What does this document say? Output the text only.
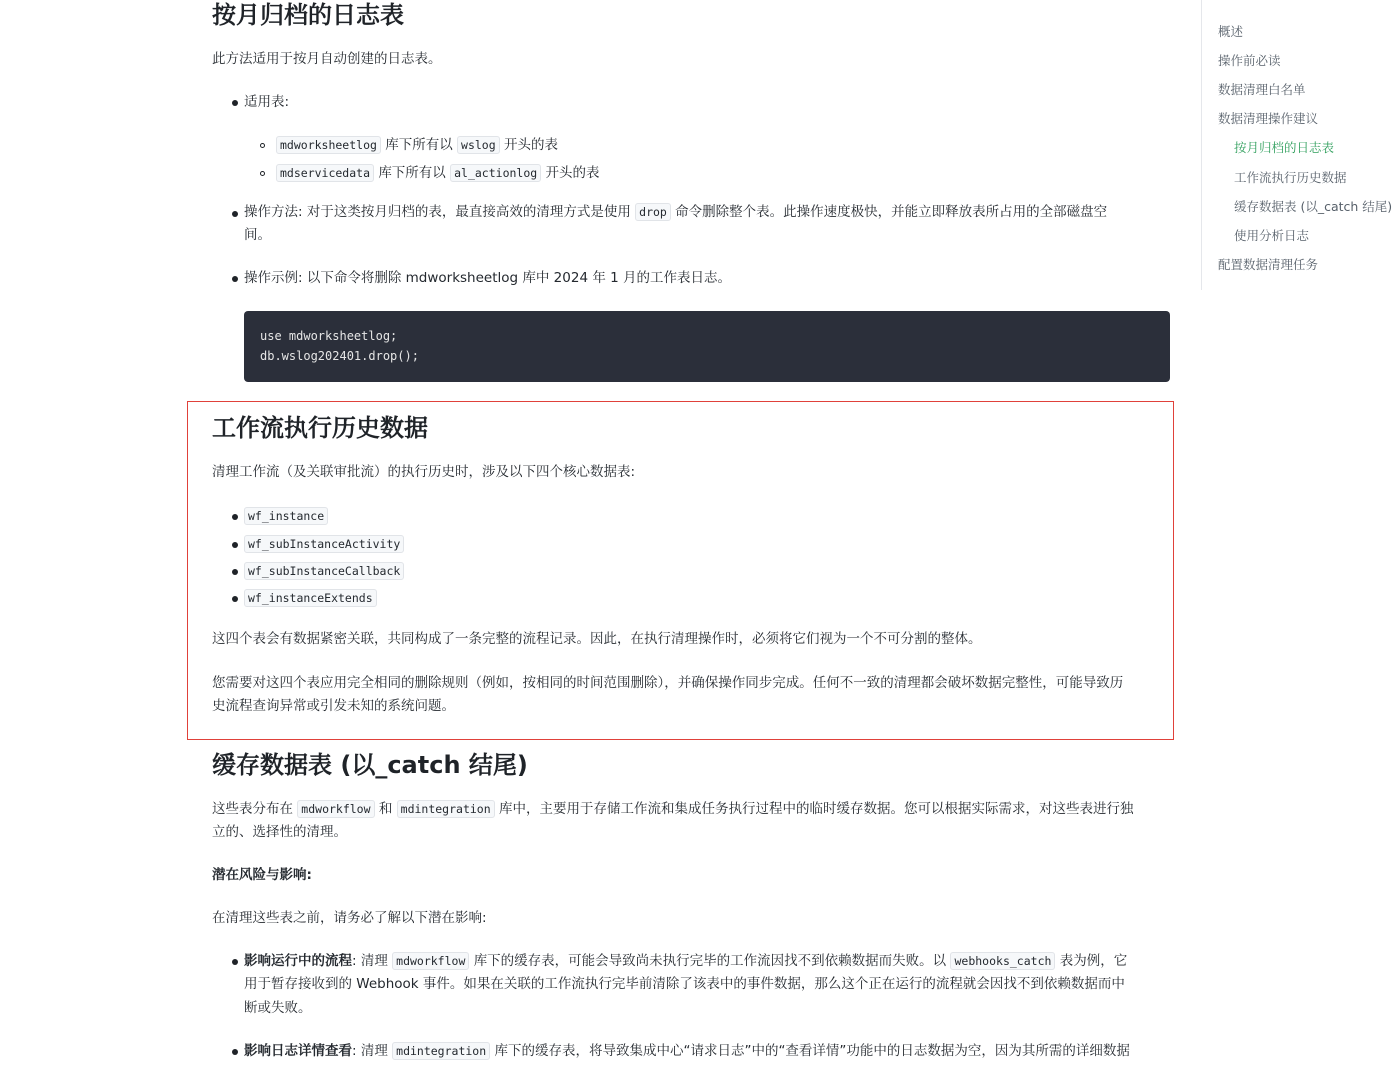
按月归档的日志表

此方法适用于按月自动创建的日志表。

适用表:

mdworksheetlog 库下所有以 wslog 开头的表

mdservicedata 库下所有以 al_actionlog 开头的表

操作方法: 对于这类按月归档的表，最直接高效的清理方式是使用 drop 命令删除整个表。此操作速度极快，并能立即释放表所占用的全部磁盘空

间。

操作示例: 以下命令将删除 mdworksheetlog 库中 2024 年 1 月的工作表日志。

use mdworksheetlog;
db.wslog202401.drop();
工作流执行历史数据

清理工作流（及关联审批流）的执行历史时，涉及以下四个核心数据表:

wf_instance

wf_subInstanceActivity

wf_subInstanceCallback

wf_instanceExtends

这四个表会有数据紧密关联，共同构成了一条完整的流程记录。因此，在执行清理操作时，必须将它们视为一个不可分割的整体。

您需要对这四个表应用完全相同的删除规则（例如，按相同的时间范围删除），并确保操作同步完成。任何不一致的清理都会破坏数据完整性，可能导致历

史流程查询异常或引发未知的系统问题。

缓存数据表 (以_catch 结尾)

这些表分布在 mdworkflow 和 mdintegration 库中，主要用于存储工作流和集成任务执行过程中的临时缓存数据。您可以根据实际需求，对这些表进行独

立的、选择性的清理。

潜在风险与影响:

在清理这些表之前，请务必了解以下潜在影响:

影响运行中的流程: 清理 mdworkflow 库下的缓存表，可能会导致尚未执行完毕的工作流因找不到依赖数据而失败。以 webhooks_catch 表为例，它

用于暂存接收到的 Webhook 事件。如果在关联的工作流执行完毕前清除了该表中的事件数据，那么这个正在运行的流程就会因找不到依赖数据而中

断或失败。

影响日志详情查看: 清理 mdintegration 库下的缓存表，将导致集成中心“请求日志”中的“查看详情”功能中的日志数据为空，因为其所需的详细数据

概述
操作前必读
数据清理白名单
数据清理操作建议
按月归档的日志表
工作流执行历史数据
缓存数据表 (以_catch 结尾)
使用分析日志
配置数据清理任务
